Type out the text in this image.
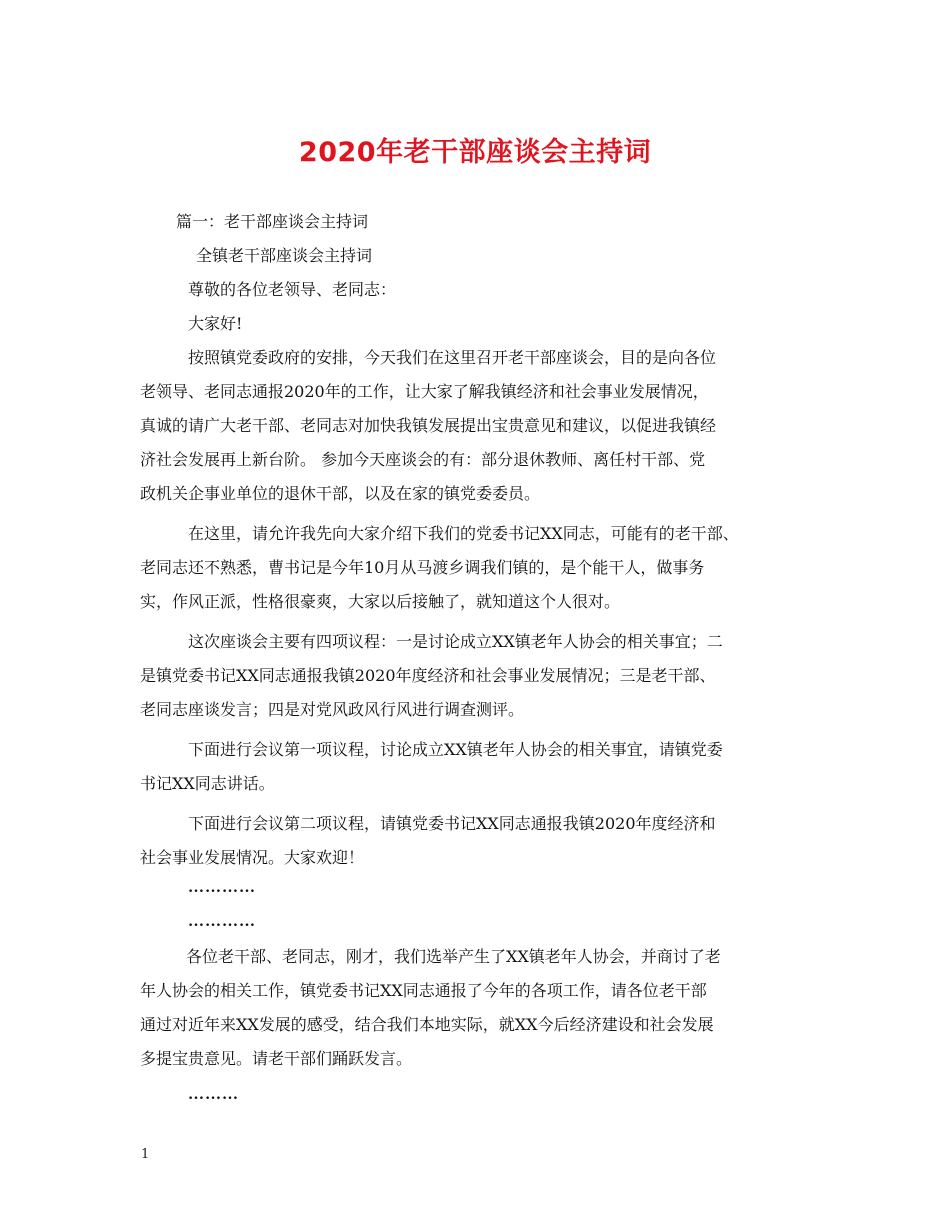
2020年老干部座谈会主持词
篇一：老干部座谈会主持词
全镇老干部座谈会主持词
尊敬的各位老领导、老同志：
大家好!
按照镇党委政府的安排，今天我们在这里召开老干部座谈会，目的是向各位
老领导、老同志通报2020年的工作，让大家了解我镇经济和社会事业发展情况，
真诚的请广大老干部、老同志对加快我镇发展提出宝贵意见和建议，以促进我镇经
济社会发展再上新台阶。 参加今天座谈会的有：部分退休教师、离任村干部、党
政机关企事业单位的退休干部，以及在家的镇党委委员。
在这里，请允许我先向大家介绍下我们的党委书记XX同志，可能有的老干部、
老同志还不熟悉，曹书记是今年10月从马渡乡调我们镇的，是个能干人，做事务
实，作风正派，性格很豪爽，大家以后接触了，就知道这个人很对。
这次座谈会主要有四项议程：一是讨论成立XX镇老年人协会的相关事宜；二
是镇党委书记XX同志通报我镇2020年度经济和社会事业发展情况；三是老干部、
老同志座谈发言；四是对党风政风行风进行调查测评。
下面进行会议第一项议程，讨论成立XX镇老年人协会的相关事宜，请镇党委
书记XX同志讲话。
下面进行会议第二项议程，请镇党委书记XX同志通报我镇2020年度经济和
社会事业发展情况。大家欢迎！
…………
…………
各位老干部、老同志，刚才，我们选举产生了XX镇老年人协会，并商讨了老
年人协会的相关工作，镇党委书记XX同志通报了今年的各项工作，请各位老干部
通过对近年来XX发展的感受，结合我们本地实际，就XX今后经济建设和社会发展
多提宝贵意见。请老干部们踊跃发言。
………
1
